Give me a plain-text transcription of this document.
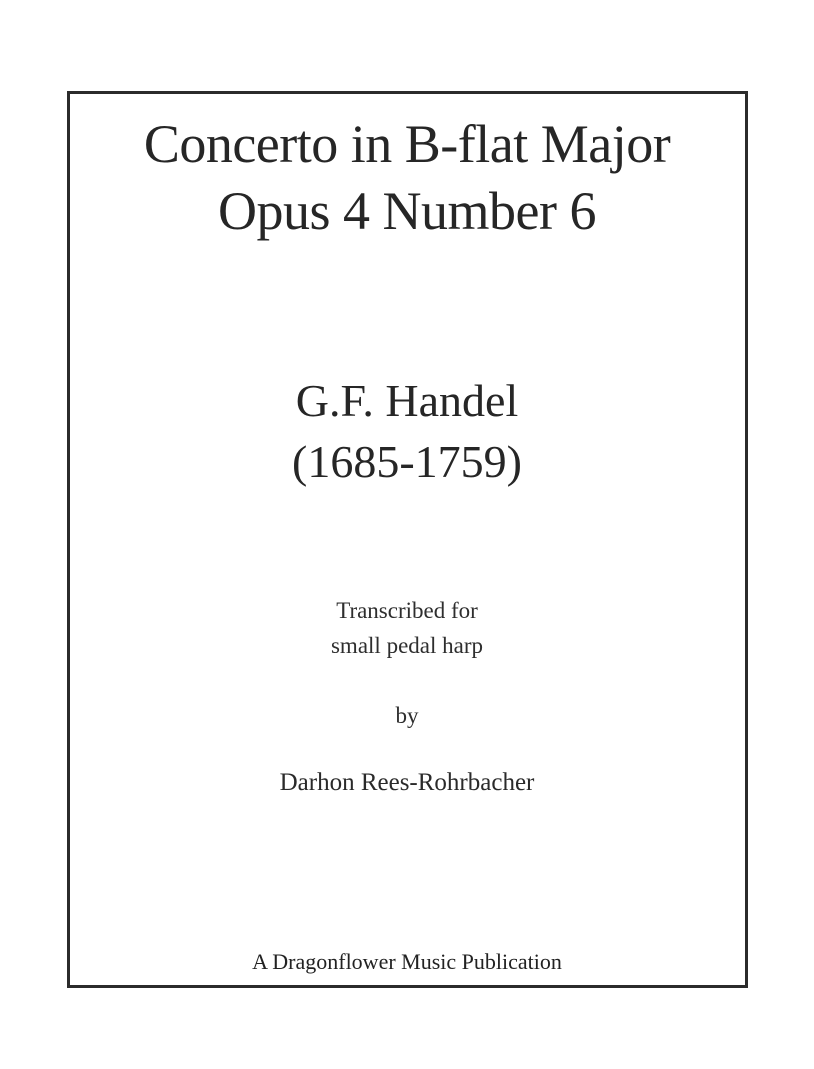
Concerto in B-flat Major
Opus 4 Number 6
G.F. Handel
(1685-1759)
Transcribed for
small pedal harp
by
Darhon Rees-Rohrbacher
A Dragonflower Music Publication
